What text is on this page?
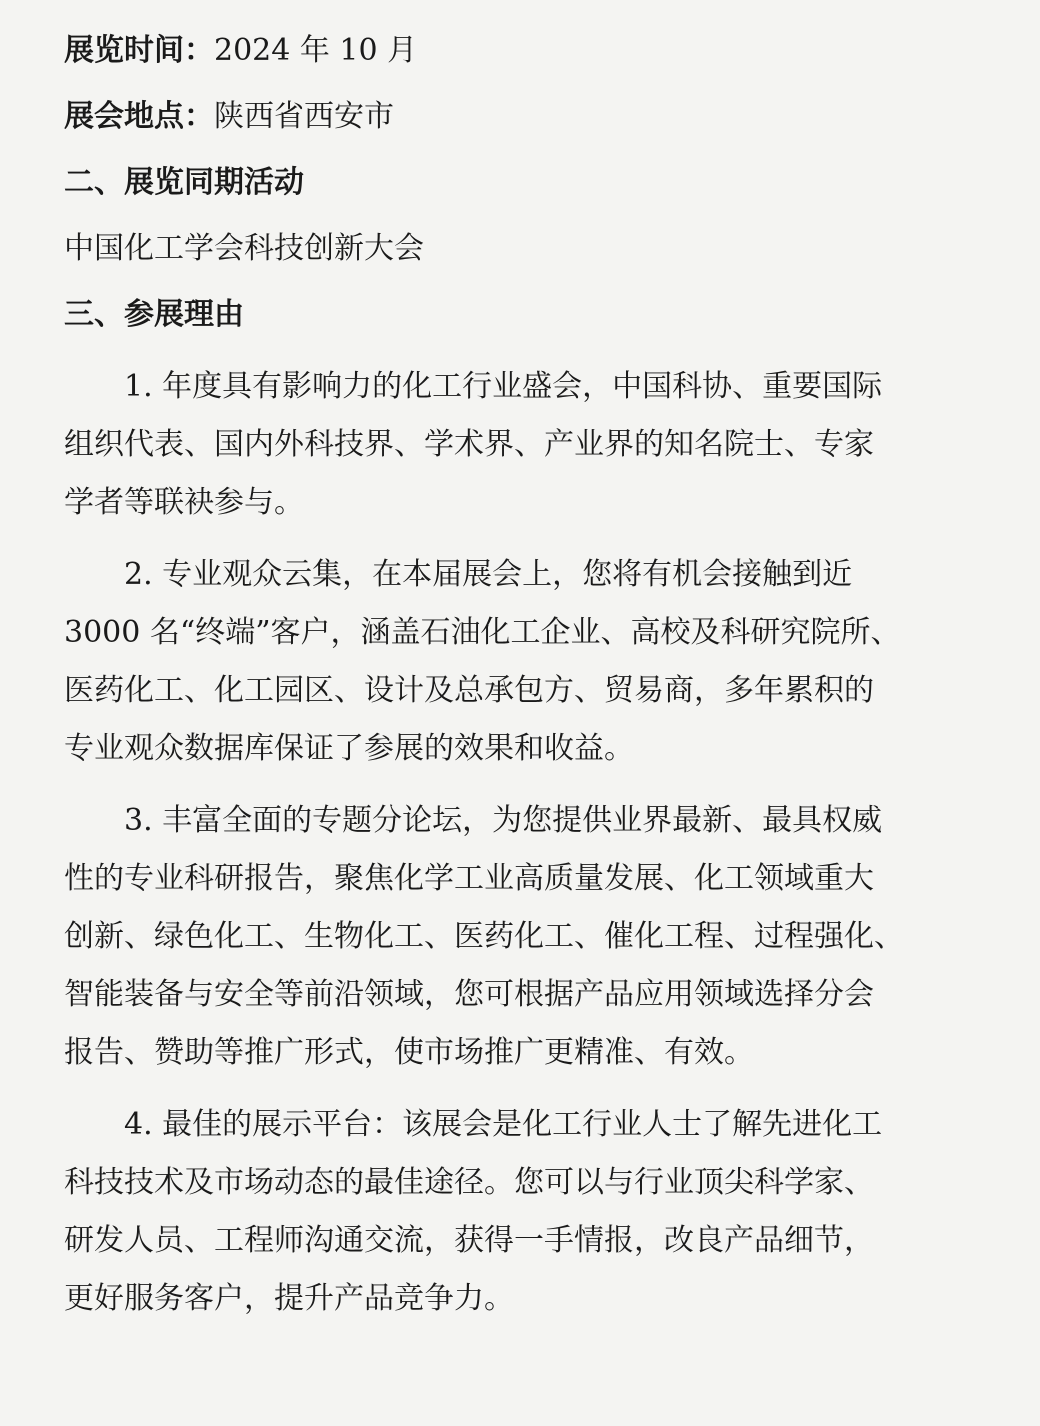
展览时间：2024 年 10 月

展会地点：陕西省西安市

二、展览同期活动

中国化工学会科技创新大会

三、参展理由

1. 年度具有影响力的化工行业盛会，中国科协、重要国际
组织代表、国内外科技界、学术界、产业界的知名院士、专家
学者等联袂参与。
2. 专业观众云集，在本届展会上，您将有机会接触到近
3000 名“终端”客户，涵盖石油化工企业、高校及科研究院所、
医药化工、化工园区、设计及总承包方、贸易商，多年累积的
专业观众数据库保证了参展的效果和收益。
3. 丰富全面的专题分论坛，为您提供业界最新、最具权威
性的专业科研报告，聚焦化学工业高质量发展、化工领域重大
创新、绿色化工、生物化工、医药化工、催化工程、过程强化、
智能装备与安全等前沿领域，您可根据产品应用领域选择分会
报告、赞助等推广形式，使市场推广更精准、有效。
4. 最佳的展示平台：该展会是化工行业人士了解先进化工
科技技术及市场动态的最佳途径。您可以与行业顶尖科学家、
研发人员、工程师沟通交流，获得一手情报，改良产品细节，
更好服务客户，提升产品竞争力。
